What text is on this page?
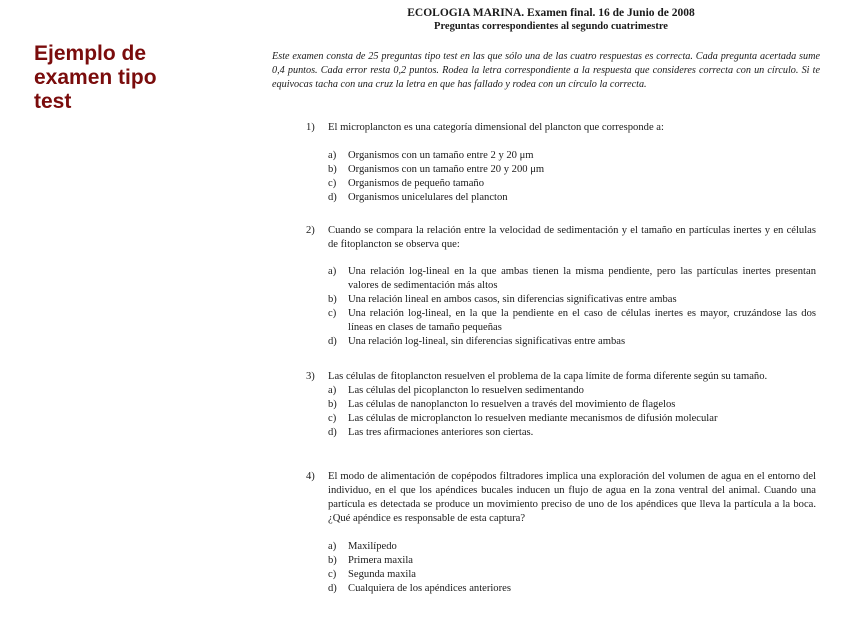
Ejemplo de
examen tipo
test
ECOLOGIA MARINA. Examen final. 16 de Junio de 2008
Preguntas correspondientes al segundo cuatrimestre
Este examen consta de 25 preguntas tipo test en las que sólo una de las cuatro respuestas es correcta. Cada pregunta acertada sume 0,4 puntos. Cada error resta 0,2 puntos. Rodea la letra correspondiente a la respuesta que consideres correcta con un círculo. Si te equivocas tacha con una cruz la letra en que has fallado y rodea con un círculo la correcta.
1) El microplancton es una categoría dimensional del plancton que corresponde a:
a) Organismos con un tamaño entre 2 y 20 μm
b) Organismos con un tamaño entre 20 y 200 μm
c) Organismos de pequeño tamaño
d) Organismos unicelulares del plancton
2) Cuando se compara la relación entre la velocidad de sedimentación y el tamaño en partículas inertes y en células de fitoplancton se observa que:
a) Una relación log-lineal en la que ambas tienen la misma pendiente, pero las partículas inertes presentan valores de sedimentación más altos
b) Una relación lineal en ambos casos, sin diferencias significativas entre ambas
c) Una relación log-lineal, en la que la pendiente en el caso de células inertes es mayor, cruzándose las dos líneas en clases de tamaño pequeñas
d) Una relación log-lineal, sin diferencias significativas entre ambas
3) Las células de fitoplancton resuelven el problema de la capa límite de forma diferente según su tamaño.
a) Las células del picoplancton lo resuelven sedimentando
b) Las células de nanoplancton lo resuelven a través del movimiento de flagelos
c) Las células de microplancton lo resuelven mediante mecanismos de difusión molecular
d) Las tres afirmaciones anteriores son ciertas.
4) El modo de alimentación de copépodos filtradores implica una exploración del volumen de agua en el entorno del individuo, en el que los apéndices bucales inducen un flujo de agua en la zona ventral del animal. Cuando una partícula es detectada se produce un movimiento preciso de uno de los apéndices que lleva la partícula a la boca. ¿Qué apéndice es responsable de esta captura?
a) Maxilípedo
b) Primera maxila
c) Segunda maxila
d) Cualquiera de los apéndices anteriores
